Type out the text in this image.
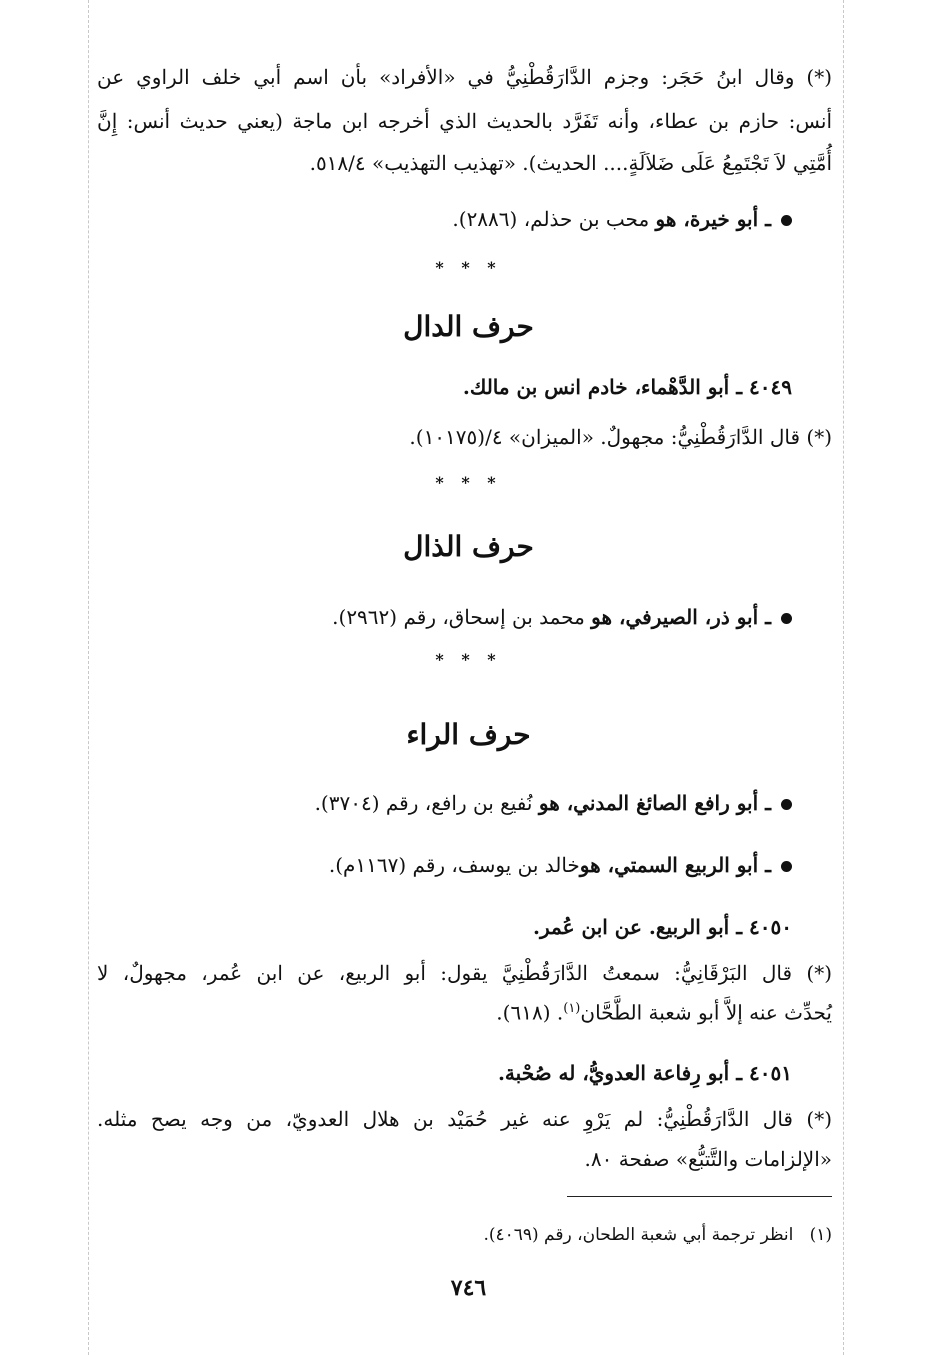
(*) وقال ابنُ حَجَر: وجزم الدَّارَقُطْنِيُّ في «الأفراد» بأن اسم أبي خلف الراوي عن
أنس: حازم بن عطاء، وأنه تَفَرَّد بالحديث الذي أخرجه ابن ماجة (يعني حديث أنس: إِنَّ
أُمَّتِي لاَ تَجْتَمِعُ عَلَى ضَلاَلَةٍ.... الحديث). «تهذيب التهذيب» ٥١٨/٤.
ـ أبو خيرة، هو محب بن حذلم، (٢٨٨٦).
* * *
حرف الدال
٤٠٤٩ ـ أبو الدَّهْماء، خادم انس بن مالك.
(*) قال الدَّارَقُطْنِيُّ: مجهولٌ. «الميزان» ٤/(١٠١٧٥).
* * *
حرف الذال
ـ أبو ذر، الصيرفي، هو محمد بن إسحاق، رقم (٢٩٦٢).
* * *
حرف الراء
ـ أبو رافع الصائغ المدني، هو نُفيع بن رافع، رقم (٣٧٠٤).
ـ أبو الربيع السمتي، هوخالد بن يوسف، رقم (١١٦٧م).
٤٠٥٠ ـ أبو الربيع. عن ابن عُمر.
(*) قال البَرْقَانِيُّ: سمعتُ الدَّارَقُطْنِيَّ يقول: أبو الربيع، عن ابن عُمر، مجهولٌ، لا
يُحدِّث عنه إلاَّ أبو شعبة الطَّحَّان$^{(١)}$. (٦١٨).
٤٠٥١ ـ أبو رِفاعة العدويُّ، له صُحْبة.
(*) قال الدَّارَقُطْنِيُّ: لم يَرْوِ عنه غير حُمَيْد بن هلال العدويّ، من وجه يصح مثله.
«الإلزامات والتَّتبُّع» صفحة ٨٠.
(١)   انظر ترجمة أبي شعبة الطحان، رقم (٤٠٦٩).
٧٤٦
